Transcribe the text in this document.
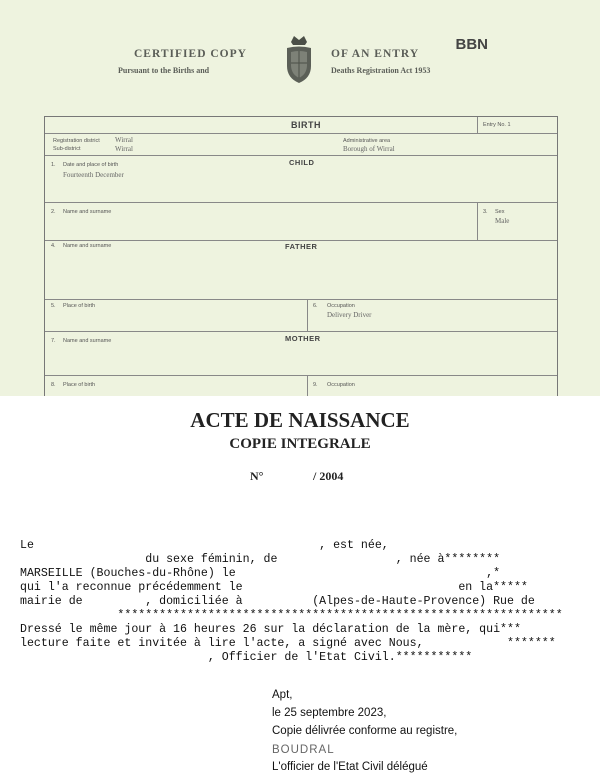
CERTIFIED COPY	OF AN ENTRY
Pursuant to the Births and	Deaths Registration Act 1953
BBN
BIRTH	Entry No. 1
Registration district Wirral
Sub-district	Wirral
Administrative area
Borough of Wirral
CHILD
1. Date and place of birth
Fourteenth December
2. Name and surname	3. Sex
Male
FATHER
4. Name and surname
5. Place of birth	6. Occupation
Delivery Driver
MOTHER
7. Name and surname
8. Place of birth	9. Occupation
ACTE DE NAISSANCE
COPIE INTEGRALE
N°	/ 2004
Le                                         , est née,
du sexe féminin, de                 , née à********
MARSEILLE (Bouches-du-Rhône) le                                    ,*
qui l'a reconnue précédemment le                               en la*****
mairie de         , domiciliée à          (Alpes-de-Haute-Provence) Rue de
****************************************************************
Dressé le même jour à 16 heures 26 sur la déclaration de la mère, qui***
lecture faite et invitée à lire l'acte, a signé avec Nous,            *******
, Officier de l'Etat Civil.***********
Apt,
le 25 septembre 2023,
Copie délivrée conforme au registre,
BOUDRAL
L'officier de l'Etat Civil délégué
